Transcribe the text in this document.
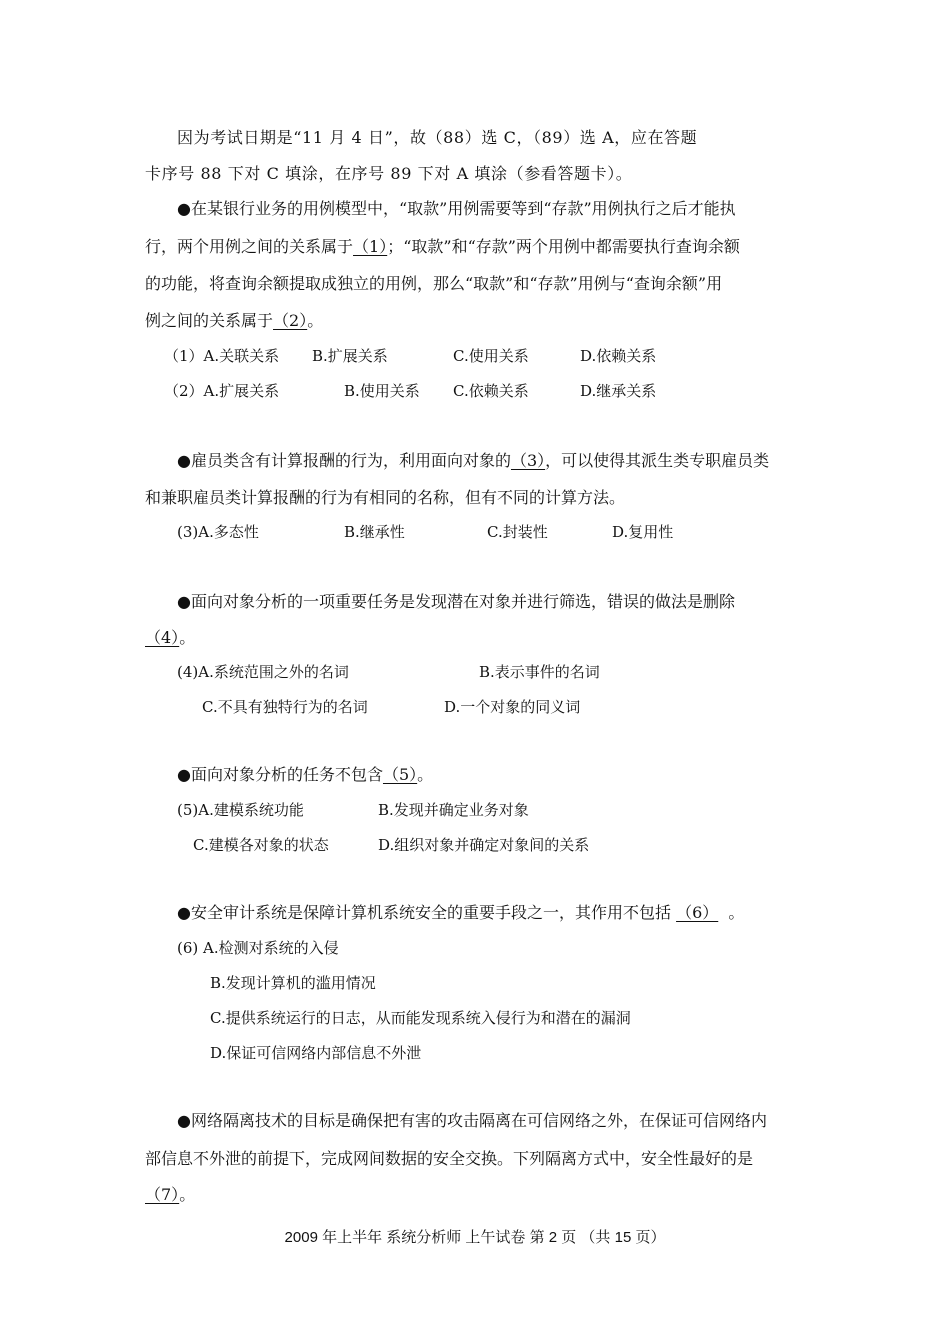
因为考试日期是“11 月 4 日”，故（88）选 C，（89）选 A，应在答题
卡序号 88 下对 C 填涂，在序号 89 下对 A 填涂（参看答题卡）。
●在某银行业务的用例模型中，“取款”用例需要等到“存款”用例执行之后才能执
行，两个用例之间的关系属于（1）；“取款”和“存款”两个用例中都需要执行查询余额
的功能，将查询余额提取成独立的用例，那么“取款”和“存款”用例与“查询余额”用
例之间的关系属于（2）。
（1）A.关联关系 B.扩展关系	C.使用关系	D.依赖关系
（2）A.扩展关系	B.使用关系 C.依赖关系	D.继承关系
●雇员类含有计算报酬的行为，利用面向对象的（3），可以使得其派生类专职雇员类
和兼职雇员类计算报酬的行为有相同的名称，但有不同的计算方法。
(3)A.多态性	B.继承性	C.封装性	D.复用性
●面向对象分析的一项重要任务是发现潜在对象并进行筛选，错误的做法是删除
（4）。
(4)A.系统范围之外的名词	B.表示事件的名词
C.不具有独特行为的名词	D.一个对象的同义词
●面向对象分析的任务不包含（5）。
(5)A.建模系统功能	B.发现并确定业务对象
C.建模各对象的状态	D.组织对象并确定对象间的关系
●安全审计系统是保障计算机系统安全的重要手段之一，其作用不包括 （6） 。
(6) A.检测对系统的入侵
B.发现计算机的滥用情况
C.提供系统运行的日志，从而能发现系统入侵行为和潜在的漏洞
D.保证可信网络内部信息不外泄
●网络隔离技术的目标是确保把有害的攻击隔离在可信网络之外，在保证可信网络内
部信息不外泄的前提下，完成网间数据的安全交换。下列隔离方式中，安全性最好的是
（7）。
2009 年上半年 系统分析师 上午试卷 第 2 页 （共 15 页）
